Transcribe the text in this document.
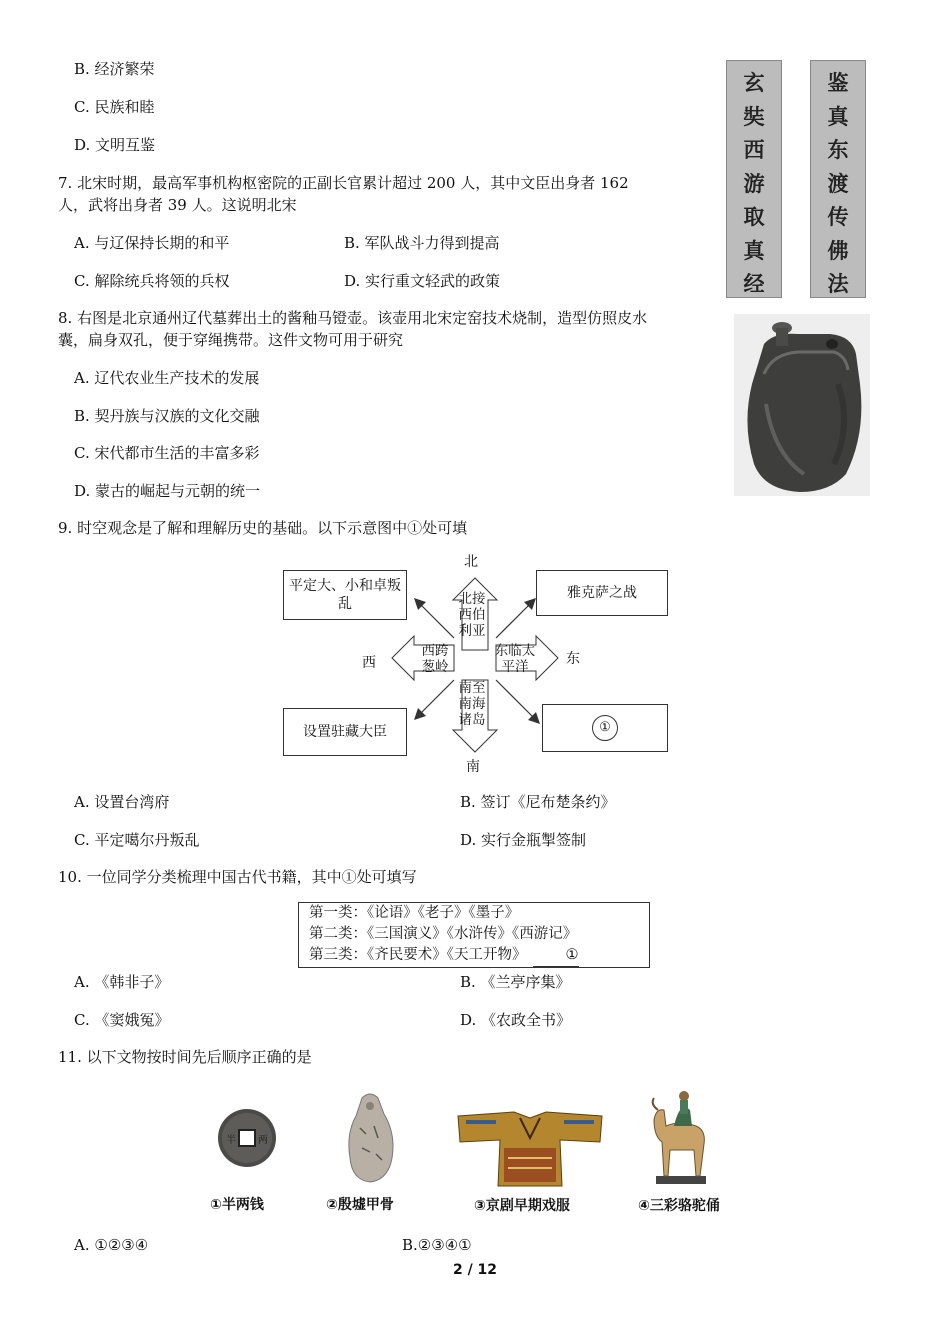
B. 经济繁荣
C. 民族和睦
D. 文明互鉴
玄奘西游取真经
鉴真东渡传佛法
7. 北宋时期，最高军事机构枢密院的正副长官累计超过 200 人，其中文臣出身者 162
人，武将出身者 39 人。这说明北宋
A. 与辽保持长期的和平	B. 军队战斗力得到提高
C. 解除统兵将领的兵权	D. 实行重文轻武的政策
8. 右图是北京通州辽代墓葬出土的酱釉马镫壶。该壶用北宋定窑技术烧制，造型仿照皮水
囊，扁身双孔，便于穿绳携带。这件文物可用于研究
A. 辽代农业生产技术的发展
B. 契丹族与汉族的文化交融
C. 宋代都市生活的丰富多彩
D. 蒙古的崛起与元朝的统一
9. 时空观念是了解和理解历史的基础。以下示意图中①处可填
北
南
西	东
北接西伯利亚
西跨葱岭
东临太平洋
南至南海诸岛
平定大、小和卓叛乱
雅克萨之战
设置驻藏大臣	①
A. 设置台湾府	B. 签订《尼布楚条约》
C. 平定噶尔丹叛乱	D. 实行金瓶掣签制
10. 一位同学分类梳理中国古代书籍，其中①处可填写
第一类：《论语》《老子》《墨子》
第二类：《三国演义》《水浒传》《西游记》
第三类：《齐民要术》《天工开物》	①
A. 《韩非子》	B. 《兰亭序集》
C. 《窦娥冤》	D. 《农政全书》
11. 以下文物按时间先后顺序正确的是
半 两
①半两钱	②殷墟甲骨	③京剧早期戏服	④三彩骆驼俑
A. ①②③④	B.②③④①
2 / 12
